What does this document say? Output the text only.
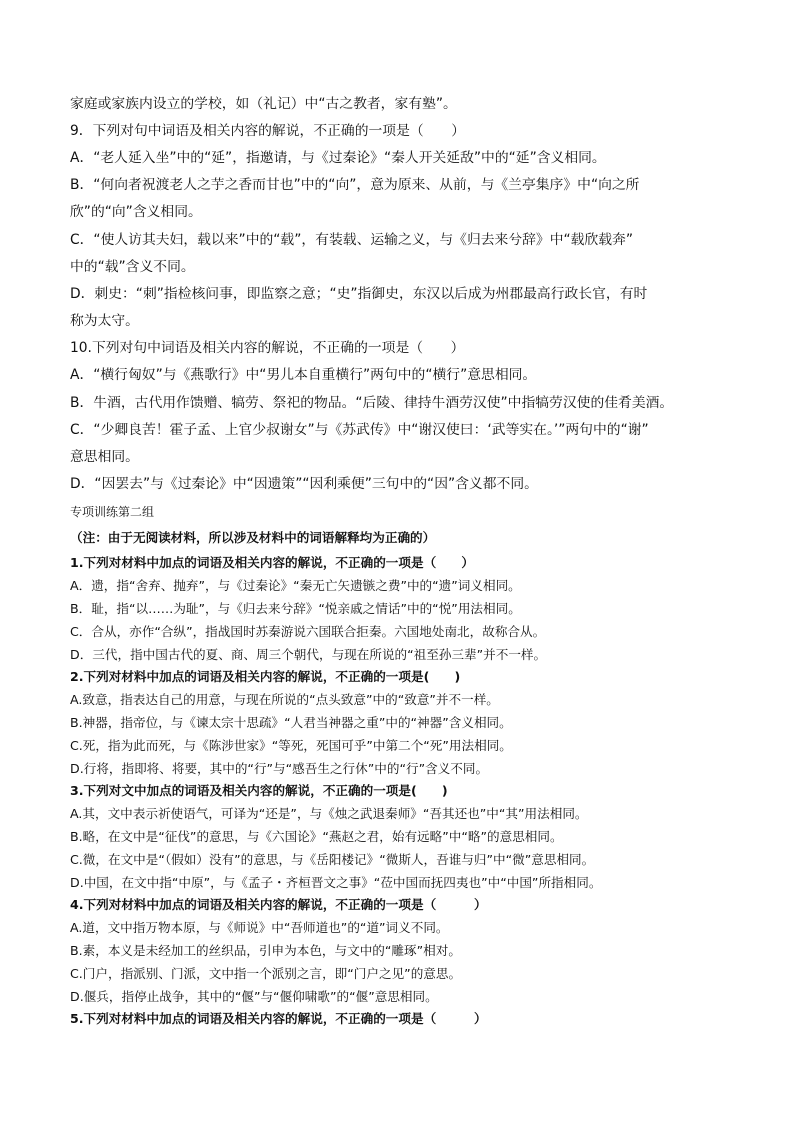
家庭或家族内设立的学校，如（礼记）中“古之教者，家有塾”。
9．下列对句中词语及相关内容的解说，不正确的一项是（　　）
A．“老人延入坐”中的“延”，指邀请，与《过秦论》“秦人开关延敌”中的“延”含义相同。
B．“何向者祝渡老人之芋之香而甘也”中的“向”，意为原来、从前，与《兰亭集序》中“向之所
欣”的“向”含义相同。
C．“使人访其夫妇，载以来”中的“载”，有装载、运输之义，与《归去来兮辞》中“载欣载奔”
中的“载”含义不同。
D．刺史：“刺”指检核问事，即监察之意；“史”指御史，东汉以后成为州郡最高行政长官，有时
称为太守。
10.下列对句中词语及相关内容的解说，不正确的一项是（　　）
A．“横行匈奴”与《燕歌行》中“男儿本自重横行”两句中的“横行”意思相同。
B．牛酒，古代用作馈赠、犒劳、祭祀的物品。“后陵、律持牛酒劳汉使”中指犒劳汉使的佳肴美酒。
C．“少卿良苦！霍子孟、上官少叔谢女”与《苏武传》中“谢汉使曰：‘武等实在。’”两句中的“谢”
意思相同。
D．“因罢去”与《过秦论》中“因遗策”“因利乘便”三句中的“因”含义都不同。
专项训练第二组
（注：由于无阅读材料，所以涉及材料中的词语解释均为正确的）
1.下列对材料中加点的词语及相关内容的解说，不正确的一项是（　　）
A．遗，指“舍弃、抛弃”，与《过秦论》“秦无亡矢遗镞之费”中的“遗”词义相同。
B．耻，指“以……为耻”，与《归去来兮辞》“悦亲戚之情话”中的“悦”用法相同。
C．合从，亦作“合纵”，指战国时苏秦游说六国联合拒秦。六国地处南北，故称合从。
D．三代，指中国古代的夏、商、周三个朝代，与现在所说的“祖至孙三辈”并不一样。
2.下列对材料中加点的词语及相关内容的解说，不正确的一项是(　　)
A.致意，指表达自己的用意，与现在所说的“点头致意”中的“致意”并不一样。
B.神器，指帝位，与《谏太宗十思疏》“人君当神器之重”中的“神器”含义相同。
C.死，指为此而死，与《陈涉世家》“等死，死国可乎”中第二个“死”用法相同。
D.行将，指即将、将要，其中的“行”与“感吾生之行休”中的“行”含义不同。
3.下列对文中加点的词语及相关内容的解说，不正确的一项是(　　)
A.其，文中表示祈使语气，可译为“还是”，与《烛之武退秦师》“吾其还也”中“其”用法相同。
B.略，在文中是“征伐”的意思，与《六国论》“燕赵之君，始有远略”中“略”的意思相同。
C.微，在文中是“（假如）没有”的意思，与《岳阳楼记》“微斯人，吾谁与归”中“微”意思相同。
D.中国，在文中指“中原”，与《孟子・齐桓晋文之事》“莅中国而抚四夷也”中“中国”所指相同。
4.下列对材料中加点的词语及相关内容的解说，不正确的一项是（　　　）
A.道，文中指万物本原，与《师说》中“吾师道也”的“道”词义不同。
B.素，本义是未经加工的丝织品，引申为本色，与文中的“雕琢”相对。
C.门户，指派别、门派，文中指一个派别之言，即“门户之见”的意思。
D.偃兵，指停止战争，其中的“偃”与“偃仰啸歌”的“偃”意思相同。
5.下列对材料中加点的词语及相关内容的解说，不正确的一项是（　　　）
